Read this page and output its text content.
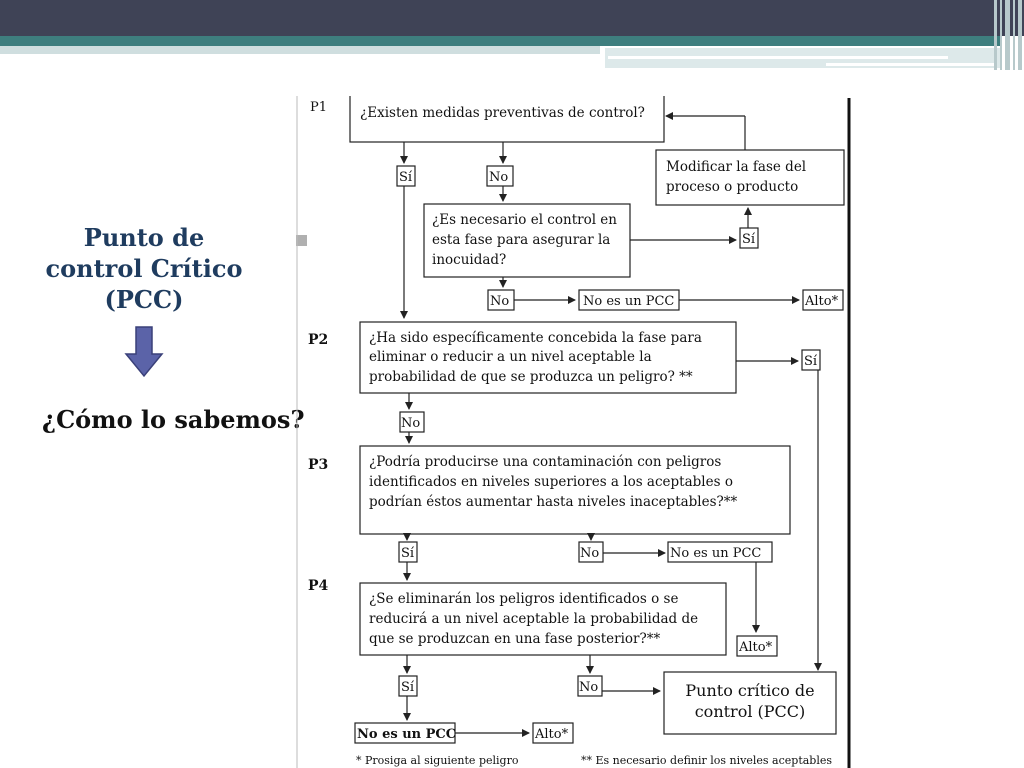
Punto de
control Crítico
(PCC)
¿Cómo lo sabemos?
P1 ¿Existen medidas preventivas de control?
Sí	No
Modificar la fase del
proceso o producto
¿Es necesario el control en
esta fase para asegurar la
inocuidad?
Sí
No	No es un PCC	Alto*
P2	¿Ha sido específicamente concebida la fase para
eliminar o reducir a un nivel aceptable la
probabilidad de que se produzca un peligro? **
Sí
No
P3	¿Podría producirse una contaminación con peligros
identificados en niveles superiores a los aceptables o
podrían éstos aumentar hasta niveles inaceptables?**
Sí	No	No es un PCC
P4
¿Se eliminarán los peligros identificados o se
reducirá a un nivel aceptable la probabilidad de
que se produzcan en una fase posterior?**
Alto*
Sí	No	Punto crítico de
control (PCC)
No es un PCC	Alto*
* Prosiga al siguiente peligro	** Es necesario definir los niveles aceptables
